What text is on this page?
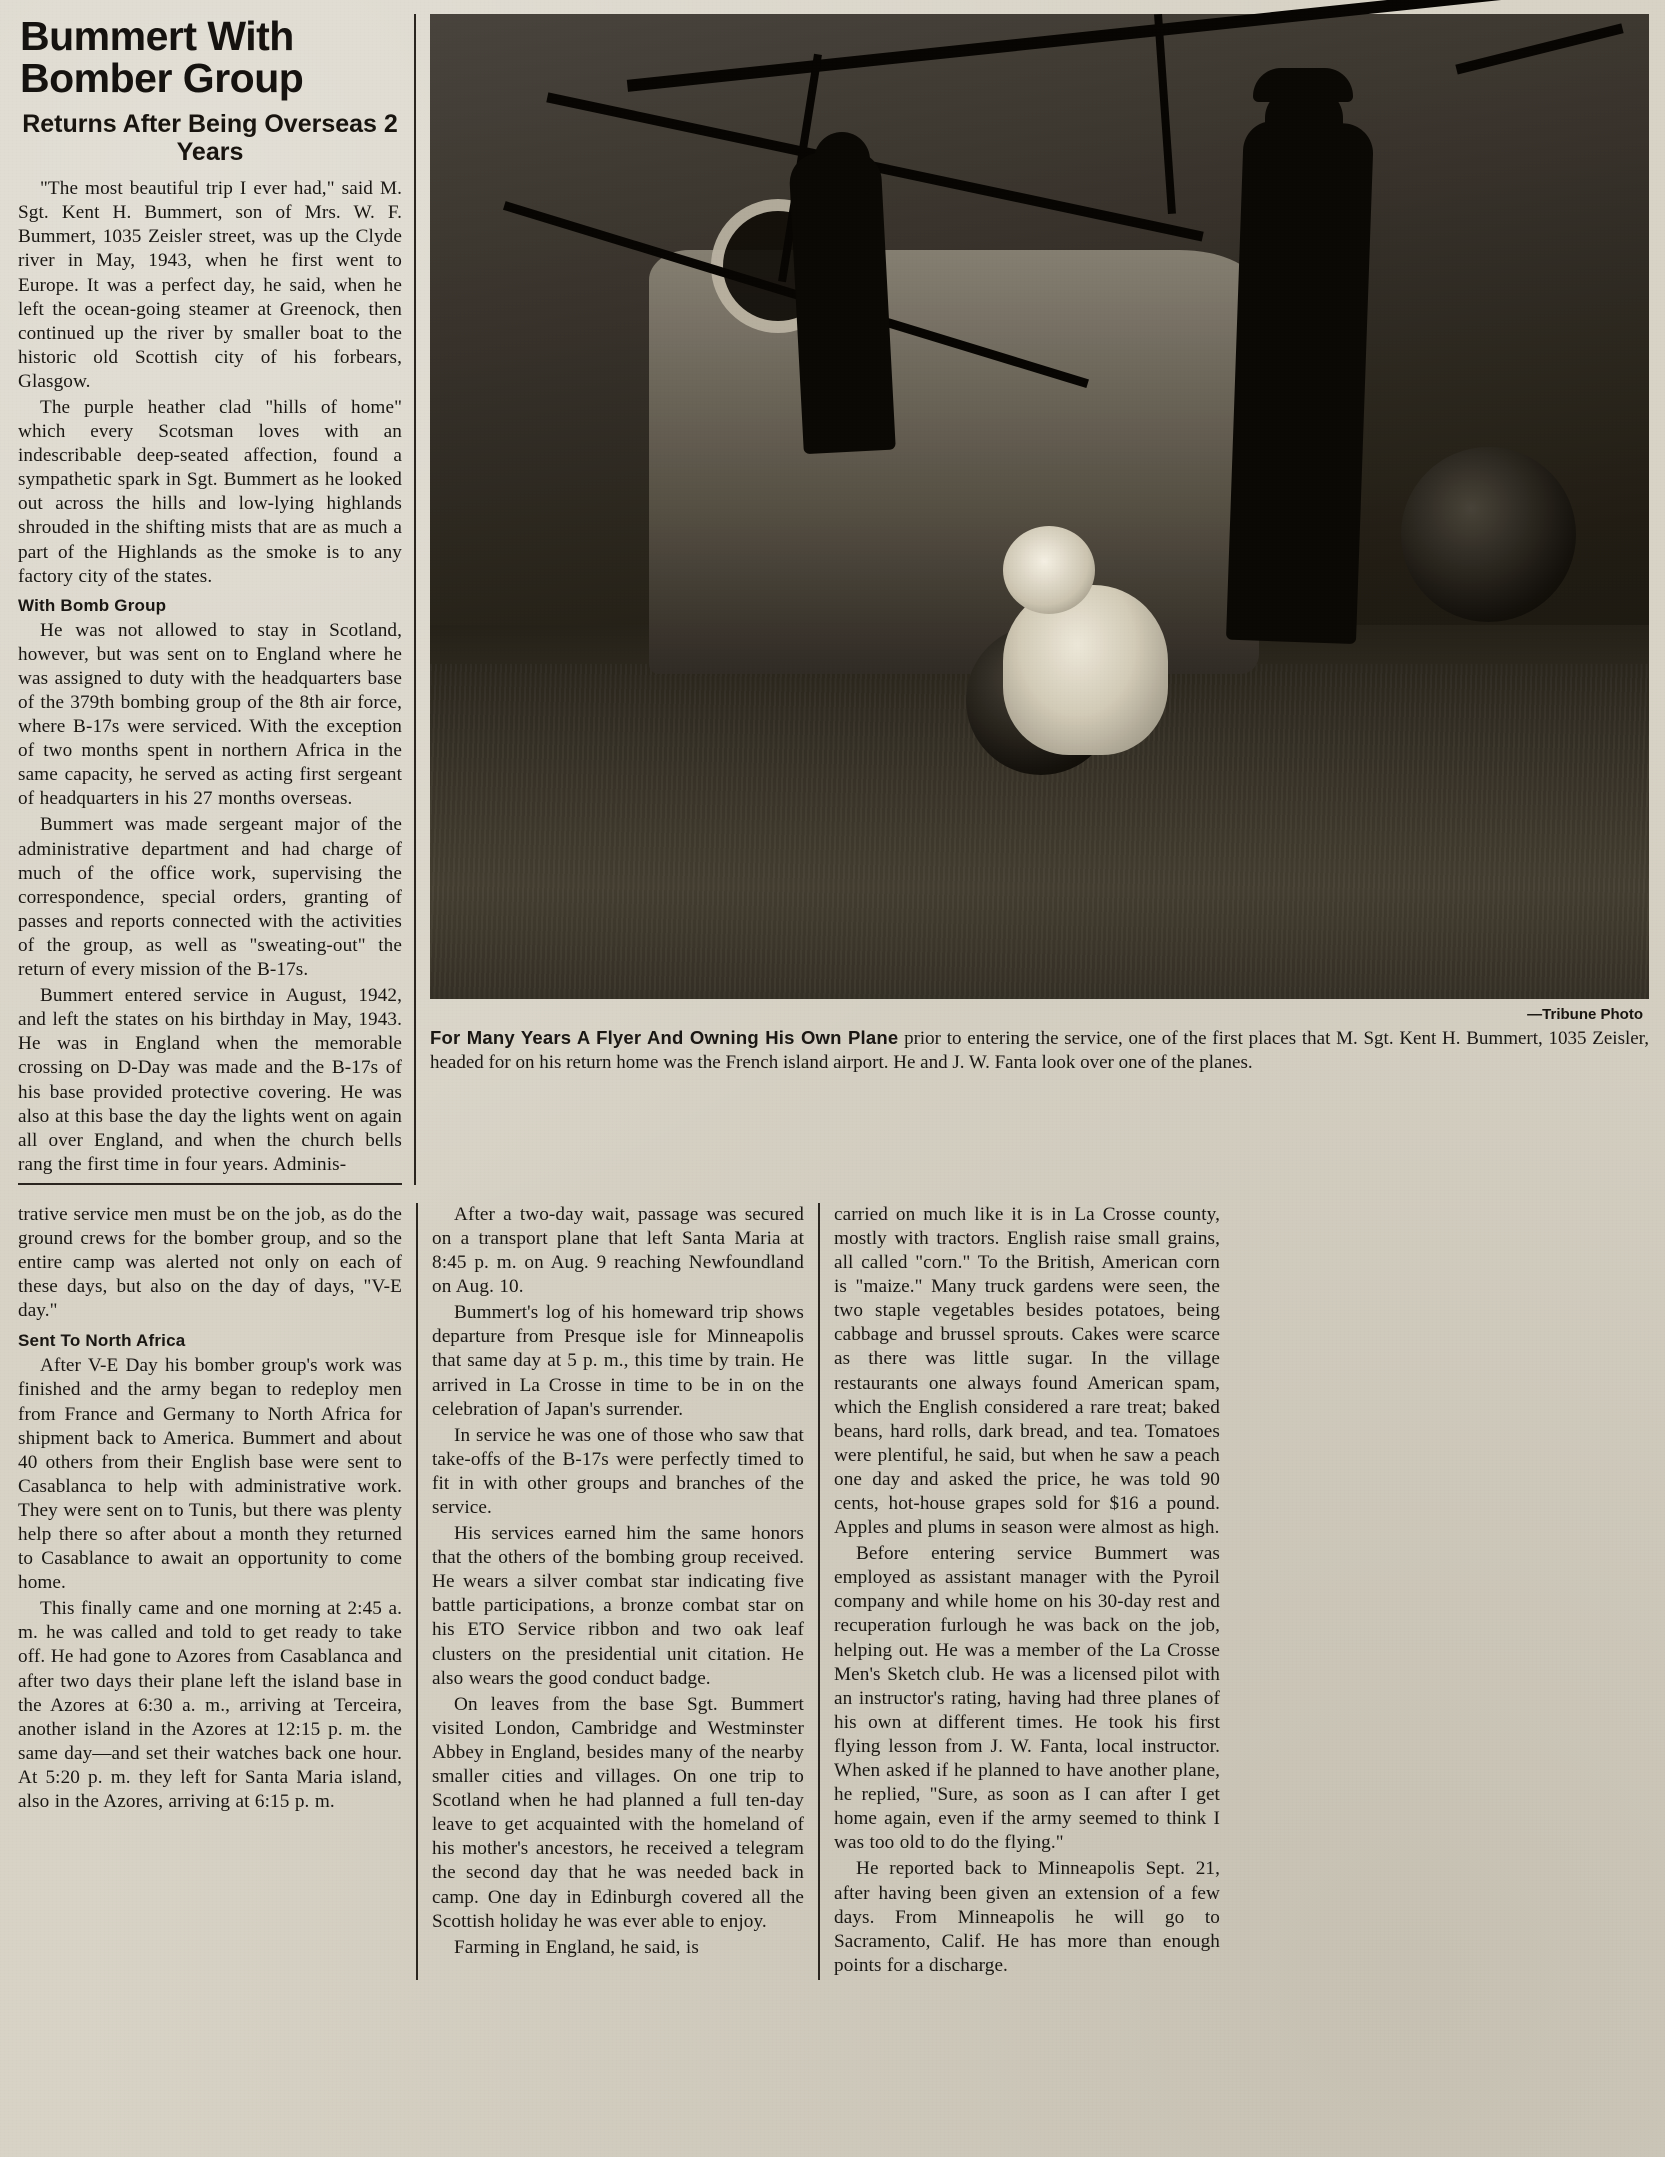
Bummert With Bomber Group
Returns After Being Overseas 2 Years

"The most beautiful trip I ever had," said M. Sgt. Kent H. Bummert, son of Mrs. W. F. Bummert, 1035 Zeisler street, was up the Clyde river in May, 1943, when he first went to Europe. It was a perfect day, he said, when he left the ocean-going steamer at Greenock, then continued up the river by smaller boat to the historic old Scottish city of his forbears, Glasgow.

The purple heather clad "hills of home" which every Scotsman loves with an indescribable deep-seated affection, found a sympathetic spark in Sgt. Bummert as he looked out across the hills and low-lying highlands shrouded in the shifting mists that are as much a part of the Highlands as the smoke is to any factory city of the states.

With Bomb Group

He was not allowed to stay in Scotland, however, but was sent on to England where he was assigned to duty with the headquarters base of the 379th bombing group of the 8th air force, where B-17s were serviced. With the exception of two months spent in northern Africa in the same capacity, he served as acting first sergeant of headquarters in his 27 months overseas.

Bummert was made sergeant major of the administrative department and had charge of much of the office work, supervising the correspondence, special orders, granting of passes and reports connected with the activities of the group, as well as "sweating-out" the return of every mission of the B-17s.

Bummert entered service in August, 1942, and left the states on his birthday in May, 1943. He was in England when the memorable crossing on D-Day was made and the B-17s of his base provided protective covering. He was also at this base the day the lights went on again all over England, and when the church bells rang the first time in four years. Adminis-

—Tribune Photo
For Many Years A Flyer And Owning His Own Plane prior to entering the service, one of the first places that M. Sgt. Kent H. Bummert, 1035 Zeisler, headed for on his return home was the French island airport. He and J. W. Fanta look over one of the planes.

trative service men must be on the job, as do the ground crews for the bomber group, and so the entire camp was alerted not only on each of these days, but also on the day of days, "V-E day."

Sent To North Africa

After V-E Day his bomber group's work was finished and the army began to redeploy men from France and Germany to North Africa for shipment back to America. Bummert and about 40 others from their English base were sent to Casablanca to help with administrative work. They were sent on to Tunis, but there was plenty help there so after about a month they returned to Casablance to await an opportunity to come home.

This finally came and one morning at 2:45 a. m. he was called and told to get ready to take off. He had gone to Azores from Casablanca and after two days their plane left the island base in the Azores at 6:30 a. m., arriving at Terceira, another island in the Azores at 12:15 p. m. the same day—and set their watches back one hour. At 5:20 p. m. they left for Santa Maria island, also in the Azores, arriving at 6:15 p. m.

After a two-day wait, passage was secured on a transport plane that left Santa Maria at 8:45 p. m. on Aug. 9 reaching Newfoundland on Aug. 10.

Bummert's log of his homeward trip shows departure from Presque isle for Minneapolis that same day at 5 p. m., this time by train. He arrived in La Crosse in time to be in on the celebration of Japan's surrender.

In service he was one of those who saw that take-offs of the B-17s were perfectly timed to fit in with other groups and branches of the service.

His services earned him the same honors that the others of the bombing group received. He wears a silver combat star indicating five battle participations, a bronze combat star on his ETO Service ribbon and two oak leaf clusters on the presidential unit citation. He also wears the good conduct badge.

On leaves from the base Sgt. Bummert visited London, Cambridge and Westminster Abbey in England, besides many of the nearby smaller cities and villages. On one trip to Scotland when he had planned a full ten-day leave to get acquainted with the homeland of his mother's ancestors, he received a telegram the second day that he was needed back in camp. One day in Edinburgh covered all the Scottish holiday he was ever able to enjoy.

Farming in England, he said, is

carried on much like it is in La Crosse county, mostly with tractors. English raise small grains, all called "corn." To the British, American corn is "maize." Many truck gardens were seen, the two staple vegetables besides potatoes, being cabbage and brussel sprouts. Cakes were scarce as there was little sugar. In the village restaurants one always found American spam, which the English considered a rare treat; baked beans, hard rolls, dark bread, and tea. Tomatoes were plentiful, he said, but when he saw a peach one day and asked the price, he was told 90 cents, hot-house grapes sold for $16 a pound. Apples and plums in season were almost as high.

Before entering service Bummert was employed as assistant manager with the Pyroil company and while home on his 30-day rest and recuperation furlough he was back on the job, helping out. He was a member of the La Crosse Men's Sketch club. He was a licensed pilot with an instructor's rating, having had three planes of his own at different times. He took his first flying lesson from J. W. Fanta, local instructor. When asked if he planned to have another plane, he replied, "Sure, as soon as I can after I get home again, even if the army seemed to think I was too old to do the flying."

He reported back to Minneapolis Sept. 21, after having been given an extension of a few days. From Minneapolis he will go to Sacramento, Calif. He has more than enough points for a discharge.
